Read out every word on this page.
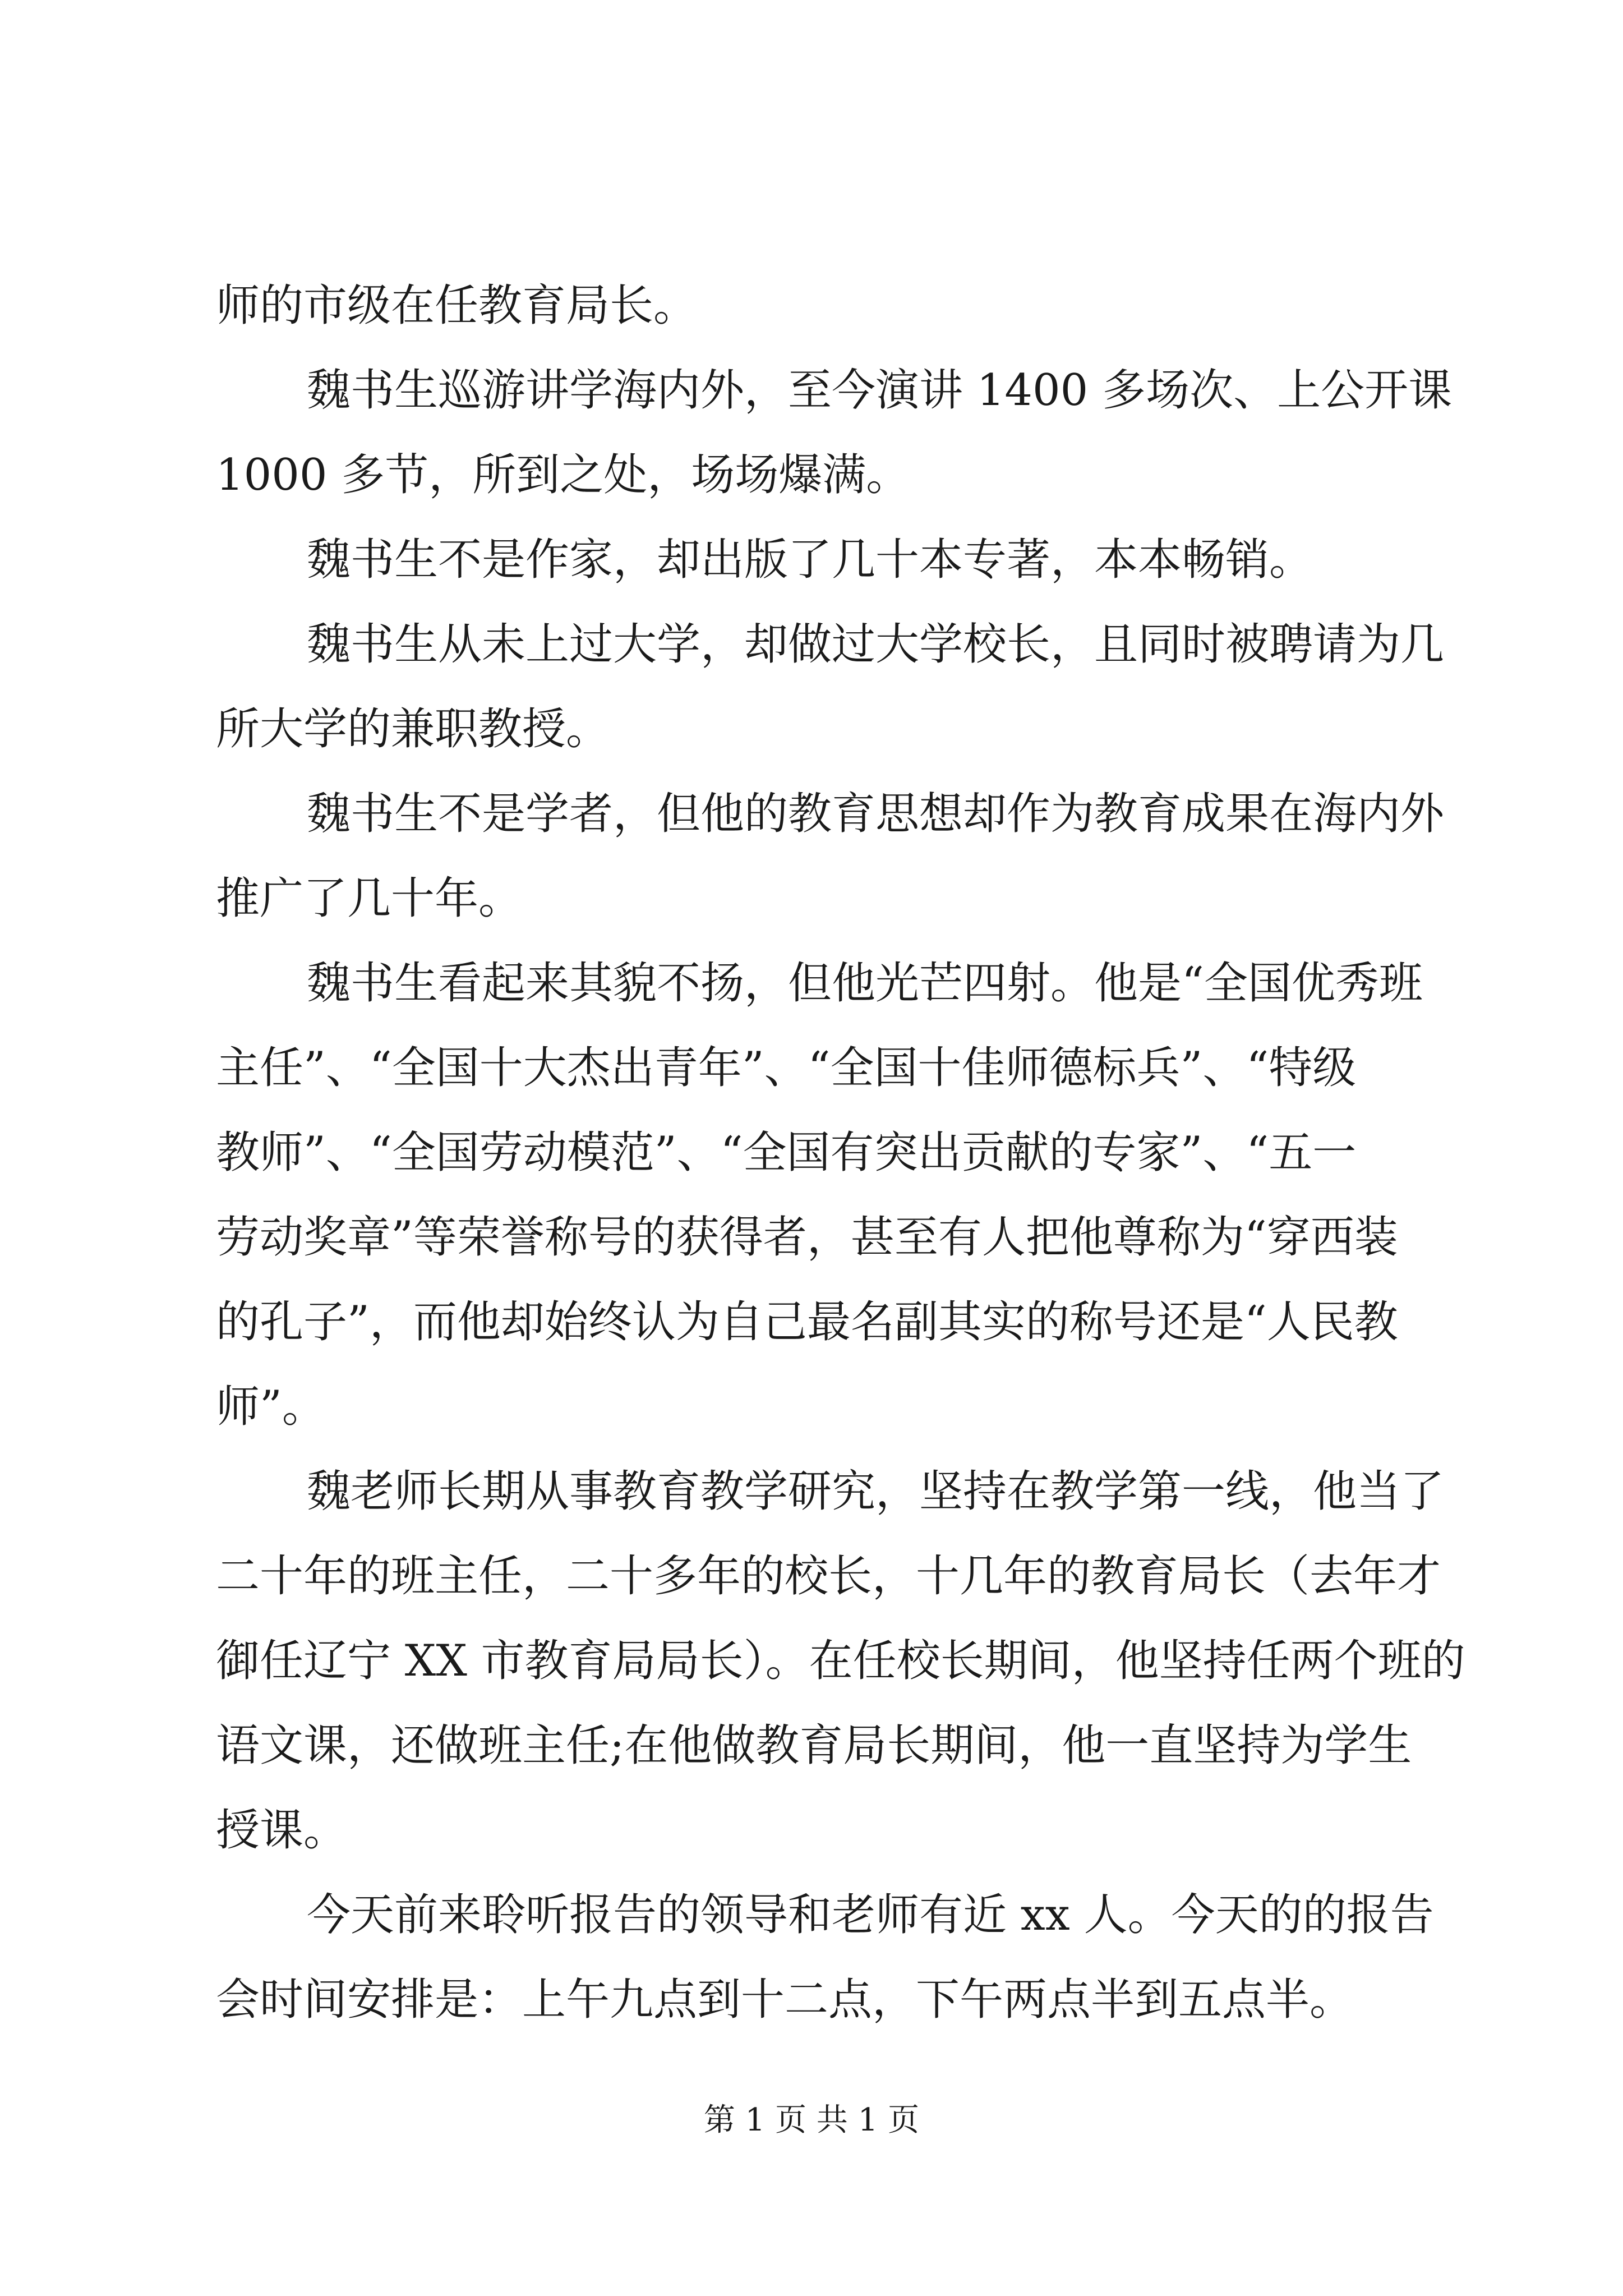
师的市级在任教育局长。
魏书生巡游讲学海内外，至今演讲 1400 多场次、上公开课
1000 多节，所到之处，场场爆满。
魏书生不是作家，却出版了几十本专著，本本畅销。
魏书生从未上过大学，却做过大学校长，且同时被聘请为几
所大学的兼职教授。
魏书生不是学者，但他的教育思想却作为教育成果在海内外
推广了几十年。
魏书生看起来其貌不扬，但他光芒四射。他是“全国优秀班
主任”、“全国十大杰出青年”、“全国十佳师德标兵”、“特级
教师”、“全国劳动模范”、“全国有突出贡献的专家”、“五一
劳动奖章”等荣誉称号的获得者，甚至有人把他尊称为“穿西装
的孔子”，而他却始终认为自己最名副其实的称号还是“人民教
师”。
魏老师长期从事教育教学研究，坚持在教学第一线，他当了
二十年的班主任，二十多年的校长，十几年的教育局长（去年才
御任辽宁 XX 市教育局局长）。在任校长期间，他坚持任两个班的
语文课，还做班主任;在他做教育局长期间，他一直坚持为学生
授课。
今天前来聆听报告的领导和老师有近 xx 人。今天的的报告
会时间安排是：上午九点到十二点，下午两点半到五点半。
第 1 页 共 1 页
